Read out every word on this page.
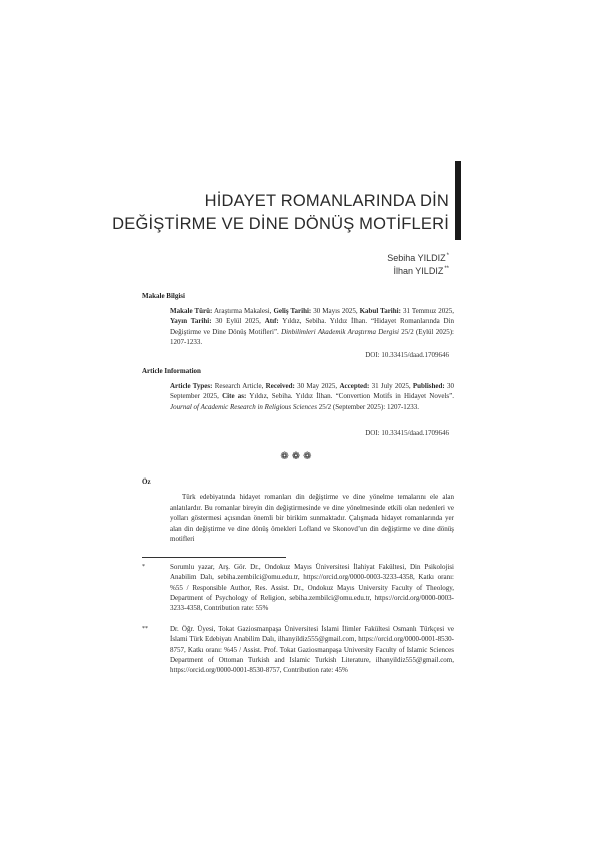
HİDAYET ROMANLARINDA DİN
DEĞİŞTİRME VE DİNE DÖNÜŞ MOTİFLERİ
Sebiha YILDIZ*
İlhan YILDIZ**
Makale Bilgisi
Makale Türü: Araştırma Makalesi, Geliş Tarihi: 30 Mayıs 2025, Kabul Tarihi: 31 Temmuz 2025, Yayın Tarihi: 30 Eylül 2025, Atıf: Yıldız, Sebiha. Yıldız İlhan. “Hidayet Romanlarında Din Değiştirme ve Dine Dönüş Motifleri”. Dinbilimleri Akademik Araştırma Dergisi 25/2 (Eylül 2025): 1207-1233.
DOI: 10.33415/daad.1709646
Article Information
Article Types: Research Article, Received: 30 May 2025, Accepted: 31 July 2025, Published: 30 September 2025, Cite as: Yıldız, Sebiha. Yıldız İlhan. “Convertion Motifs in Hidayet Novels”. Journal of Academic Research in Religious Sciences 25/2 (September 2025): 1207-1233.
DOI: 10.33415/daad.1709646
❁❁❁
Öz
Türk edebiyatında hidayet romanları din değiştirme ve dine yönelme temalarını ele alan anlatılardır. Bu romanlar bireyin din değiştirmesinde ve dine yönelmesinde etkili olan nedenleri ve yolları göstermesi açısından önemli bir birikim sunmaktadır. Çalışmada hidayet romanlarında yer alan din değiştirme ve dine dönüş örnekleri Lofland ve Skonovd’un din değiştirme ve dine dönüş motifleri
*	Sorumlu yazar, Arş. Gör. Dr., Ondokuz Mayıs Üniversitesi İlahiyat Fakültesi, Din Psikolojisi Anabilim Dalı, sebiha.zembilci@omu.edu.tr, https://orcid.org/0000-0003-3233-4358, Katkı oranı: %55 / Responsible Author, Res. Assist. Dr., Ondokuz Mayıs University Faculty of Theology, Department of Psychology of Religion, sebiha.zembilci@omu.edu.tr, https://orcid.org/0000-0003-3233-4358, Contribution rate: 55%
**	Dr. Öğr. Üyesi, Tokat Gaziosmanpaşa Üniversitesi İslami İlimler Fakültesi Osmanlı Türkçesi ve İslami Türk Edebiyatı Anabilim Dalı, ilhanyildiz555@gmail.com, https://orcid.org/0000-0001-8530-8757, Katkı oranı: %45 / Assist. Prof. Tokat Gaziosmanpaşa University Faculty of Islamic Sciences Department of Ottoman Turkish and Islamic Turkish Literature, ilhanyildiz555@gmail.com, https://orcid.org/0000-0001-8530-8757, Contribution rate: 45%
